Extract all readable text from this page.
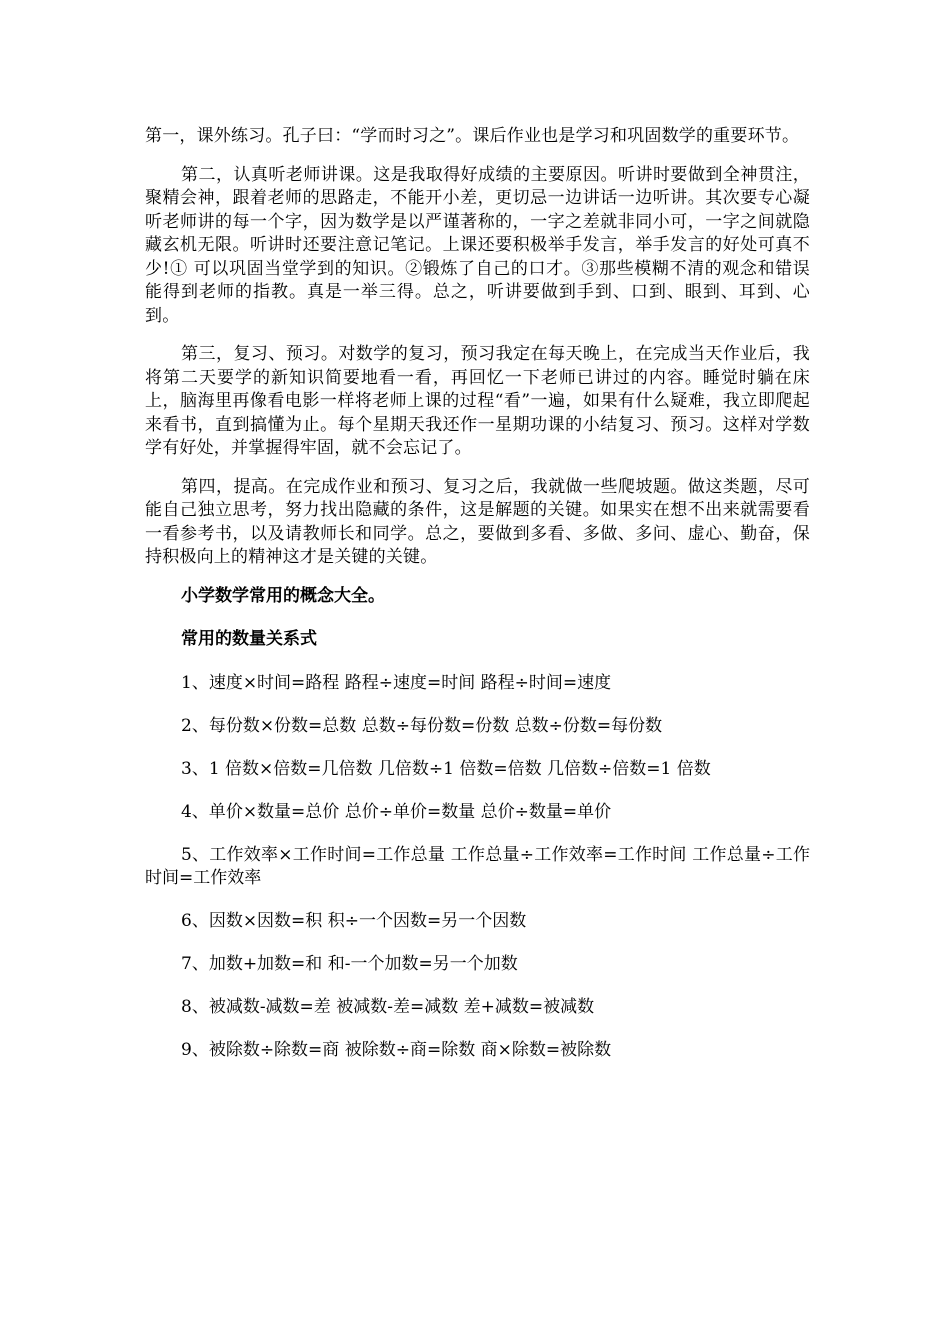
第一，课外练习。孔子曰：“学而时习之”。课后作业也是学习和巩固数学的重要环节。

第二，认真听老师讲课。这是我取得好成绩的主要原因。听讲时要做到全神贯注，聚精会神，跟着老师的思路走，不能开小差，更切忌一边讲话一边听讲。其次要专心凝听老师讲的每一个字，因为数学是以严谨著称的，一字之差就非同小可，一字之间就隐藏玄机无限。听讲时还要注意记笔记。上课还要积极举手发言，举手发言的好处可真不少!① 可以巩固当堂学到的知识。②锻炼了自己的口才。③那些模糊不清的观念和错误能得到老师的指教。真是一举三得。总之，听讲要做到手到、口到、眼到、耳到、心到。

第三，复习、预习。对数学的复习，预习我定在每天晚上，在完成当天作业后，我将第二天要学的新知识简要地看一看，再回忆一下老师已讲过的内容。睡觉时躺在床上，脑海里再像看电影一样将老师上课的过程“看”一遍，如果有什么疑难，我立即爬起来看书，直到搞懂为止。每个星期天我还作一星期功课的小结复习、预习。这样对学数学有好处，并掌握得牢固，就不会忘记了。

第四，提高。在完成作业和预习、复习之后，我就做一些爬坡题。做这类题，尽可能自己独立思考，努力找出隐藏的条件，这是解题的关键。如果实在想不出来就需要看一看参考书，以及请教师长和同学。总之，要做到多看、多做、多问、虚心、勤奋，保持积极向上的精神这才是关键的关键。

小学数学常用的概念大全。

常用的数量关系式

1、速度×时间=路程 路程÷速度=时间 路程÷时间=速度

2、每份数×份数=总数 总数÷每份数=份数 总数÷份数=每份数

3、1 倍数×倍数=几倍数 几倍数÷1 倍数=倍数 几倍数÷倍数=1 倍数

4、单价×数量=总价 总价÷单价=数量 总价÷数量=单价

5、工作效率×工作时间=工作总量 工作总量÷工作效率=工作时间 工作总量÷工作时间=工作效率

6、因数×因数=积 积÷一个因数=另一个因数

7、加数+加数=和 和-一个加数=另一个加数

8、被减数-减数=差 被减数-差=减数 差+减数=被减数

9、被除数÷除数=商 被除数÷商=除数 商×除数=被除数
